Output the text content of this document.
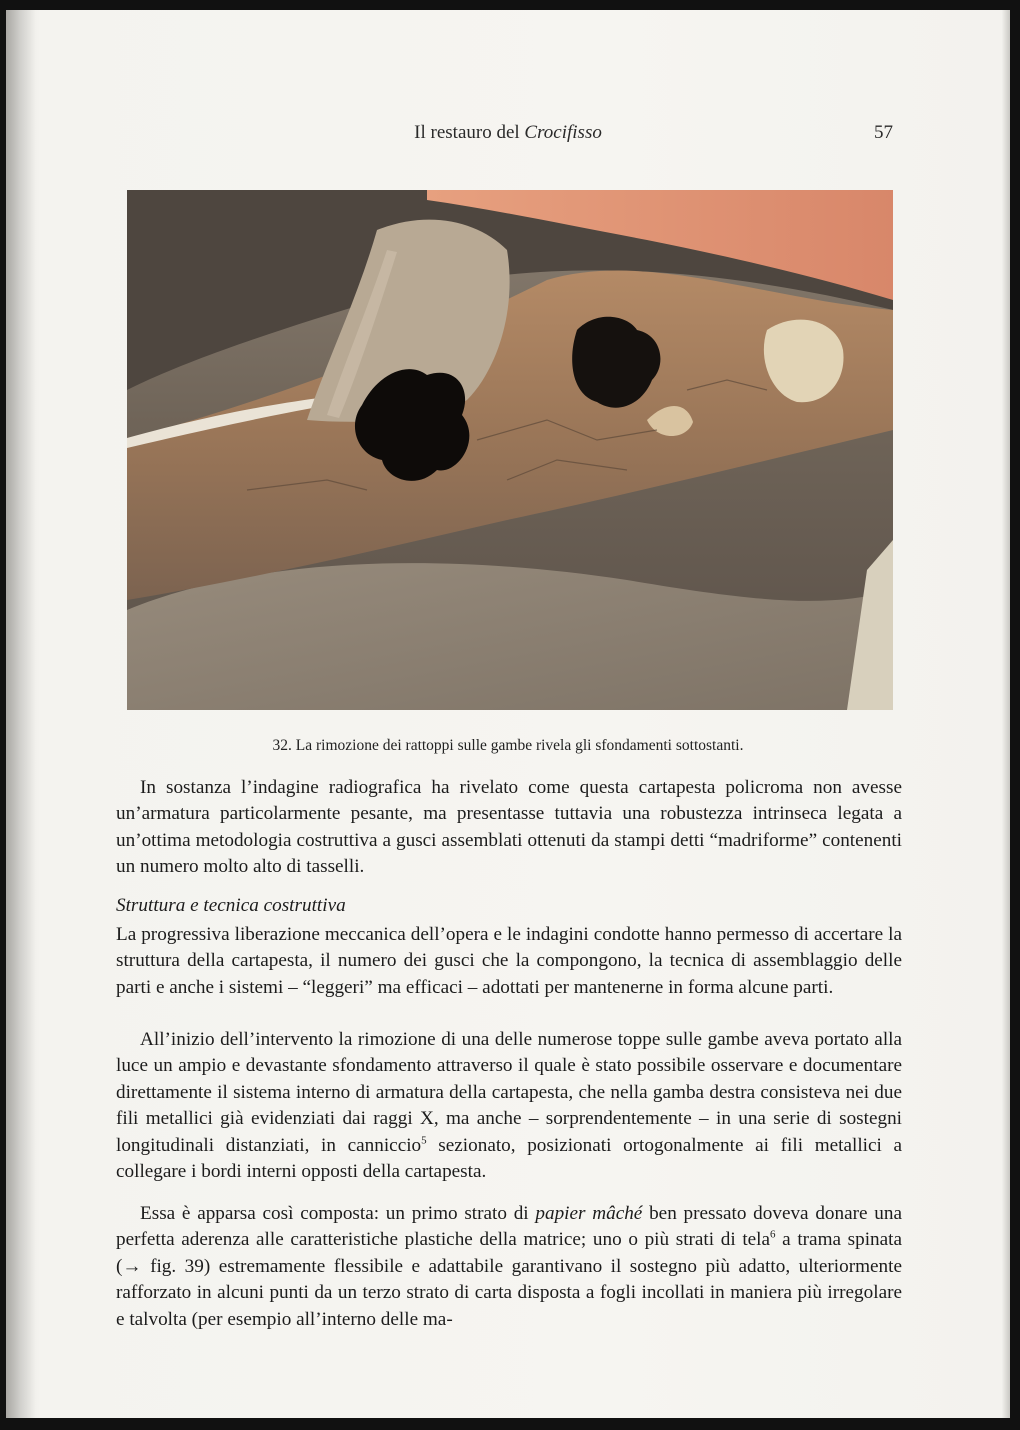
Il restauro del Crocifisso	57
32. La rimozione dei rattoppi sulle gambe rivela gli sfondamenti sottostanti.

In sostanza l’indagine radiografica ha rivelato come questa cartapesta policroma non avesse un’armatura particolarmente pesante, ma presentasse tuttavia una robustezza intrinseca legata a un’ottima metodologia costruttiva a gusci assemblati ottenuti da stampi detti “madriforme” contenenti un numero molto alto di tasselli.

Struttura e tecnica costruttiva

La progressiva liberazione meccanica dell’opera e le indagini condotte hanno permesso di accertare la struttura della cartapesta, il numero dei gusci che la compongono, la tecnica di assemblaggio delle parti e anche i sistemi – “leggeri” ma efficaci – adottati per mantenerne in forma alcune parti.

All’inizio dell’intervento la rimozione di una delle numerose toppe sulle gambe aveva portato alla luce un ampio e devastante sfondamento attraverso il quale è stato possibile osservare e documentare direttamente il sistema interno di armatura della cartapesta, che nella gamba destra consisteva nei due fili metallici già evidenziati dai raggi X, ma anche – sorprendentemente – in una serie di sostegni longitudinali distanziati, in canniccio$^5$ sezionato, posizionati ortogonalmente ai fili metallici a collegare i bordi interni opposti della cartapesta.

Essa è apparsa così composta: un primo strato di papier mâché ben pressato doveva donare una perfetta aderenza alle caratteristiche plastiche della matrice; uno o più strati di tela$^6$ a trama spinata (→ fig. 39) estremamente flessibile e adattabile garantivano il sostegno più adatto, ulteriormente rafforzato in alcuni punti da un terzo strato di carta disposta a fogli incollati in maniera più irregolare e talvolta (per esempio all’interno delle ma-
